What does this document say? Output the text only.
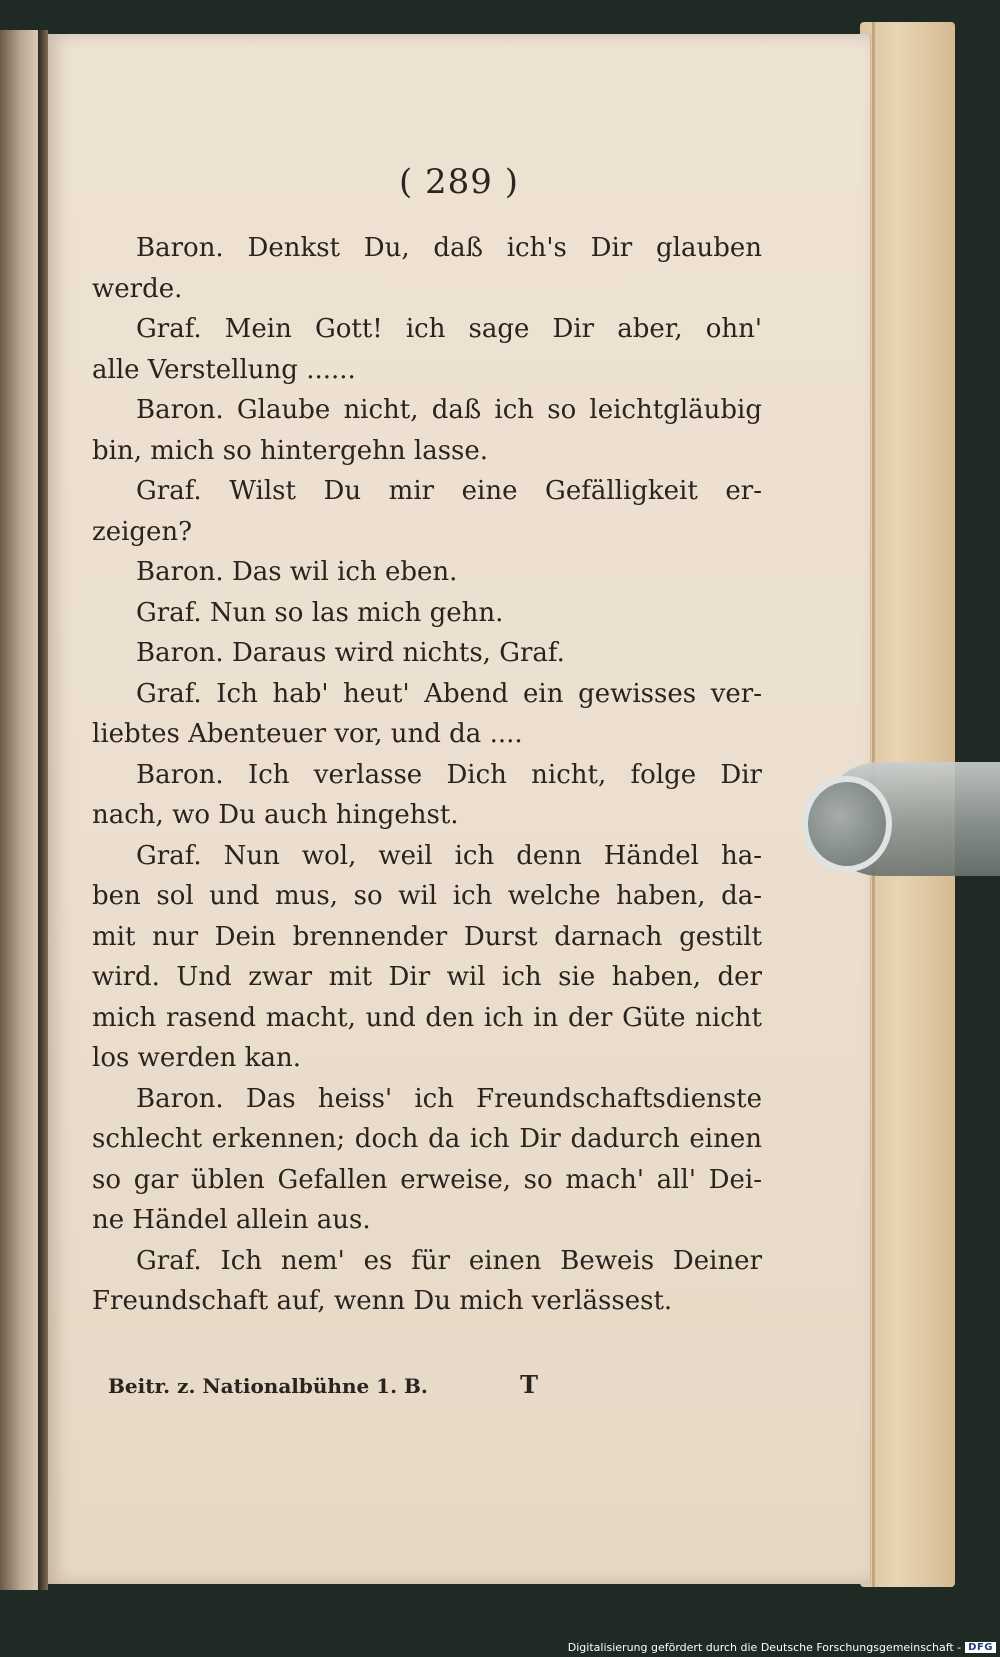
( 289 )
Baron. Denkst Du, daß ich's Dir glauben
werde.
Graf. Mein Gott! ich sage Dir aber, ohn'
alle Verstellung ......
Baron. Glaube nicht, daß ich so leichtgläubig
bin, mich so hintergehn lasse.
Graf. Wilst Du mir eine Gefälligkeit er-
zeigen?
Baron. Das wil ich eben.
Graf. Nun so las mich gehn.
Baron. Daraus wird nichts, Graf.
Graf. Ich hab' heut' Abend ein gewisses ver-
liebtes Abenteuer vor, und da ....
Baron. Ich verlasse Dich nicht, folge Dir
nach, wo Du auch hingehst.
Graf. Nun wol, weil ich denn Händel ha-
ben sol und mus, so wil ich welche haben, da-
mit nur Dein brennender Durst darnach gestilt
wird. Und zwar mit Dir wil ich sie haben, der
mich rasend macht, und den ich in der Güte nicht
los werden kan.
Baron. Das heiss' ich Freundschaftsdienste
schlecht erkennen; doch da ich Dir dadurch einen
so gar üblen Gefallen erweise, so mach' all' Dei-
ne Händel allein aus.
Graf. Ich nem' es für einen Beweis Deiner
Freundschaft auf, wenn Du mich verlässest.
Beitr. z. Nationalbühne 1. B.	T
Digitalisierung gefördert durch die Deutsche Forschungsgemeinschaft - DFG
